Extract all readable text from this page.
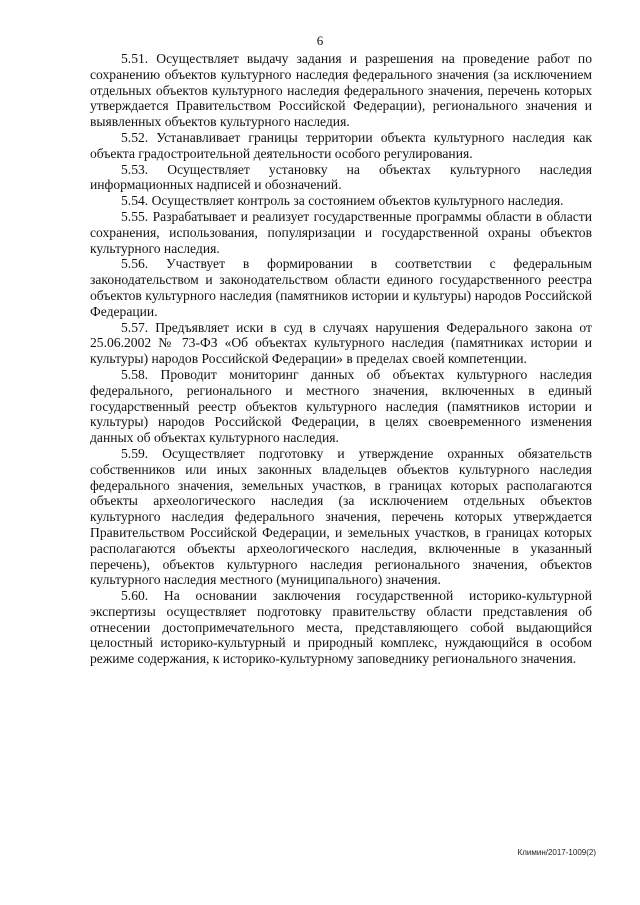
6

5.51. Осуществляет выдачу задания и разрешения на проведение работ по сохранению объектов культурного наследия федерального значения (за исключением отдельных объектов культурного наследия федерального значения, перечень которых утверждается Правительством Российской Федерации), регионального значения и выявленных объектов культурного наследия.

5.52. Устанавливает границы территории объекта культурного наследия как объекта градостроительной деятельности особого регулирования.

5.53. Осуществляет установку на объектах культурного наследия информационных надписей и обозначений.

5.54. Осуществляет контроль за состоянием объектов культурного наследия.

5.55. Разрабатывает и реализует государственные программы области в области сохранения, использования, популяризации и государственной охраны объектов культурного наследия.

5.56. Участвует в формировании в соответствии с федеральным законодательством и законодательством области единого государственного реестра объектов культурного наследия (памятников истории и культуры) народов Российской Федерации.

5.57. Предъявляет иски в суд в случаях нарушения Федерального закона от 25.06.2002 № 73-ФЗ «Об объектах культурного наследия (памятниках истории и культуры) народов Российской Федерации» в пределах своей компетенции.

5.58. Проводит мониторинг данных об объектах культурного наследия федерального, регионального и местного значения, включенных в единый государственный реестр объектов культурного наследия (памятников истории и культуры) народов Российской Федерации, в целях своевременного изменения данных об объектах культурного наследия.

5.59. Осуществляет подготовку и утверждение охранных обязательств собственников или иных законных владельцев объектов культурного наследия федерального значения, земельных участков, в границах которых располагаются объекты археологического наследия (за исключением отдельных объектов культурного наследия федерального значения, перечень которых утверждается Правительством Российской Федерации, и земельных участков, в границах которых располагаются объекты археологического наследия, включенные в указанный перечень), объектов культурного наследия регионального значения, объектов культурного наследия местного (муниципального) значения.

5.60. На основании заключения государственной историко-культурной экспертизы осуществляет подготовку правительству области представления об отнесении достопримечательного места, представляющего собой выдающийся целостный историко-культурный и природный комплекс, нуждающийся в особом режиме содержания, к историко-культурному заповеднику регионального значения.

Климин/2017-1009(2)
